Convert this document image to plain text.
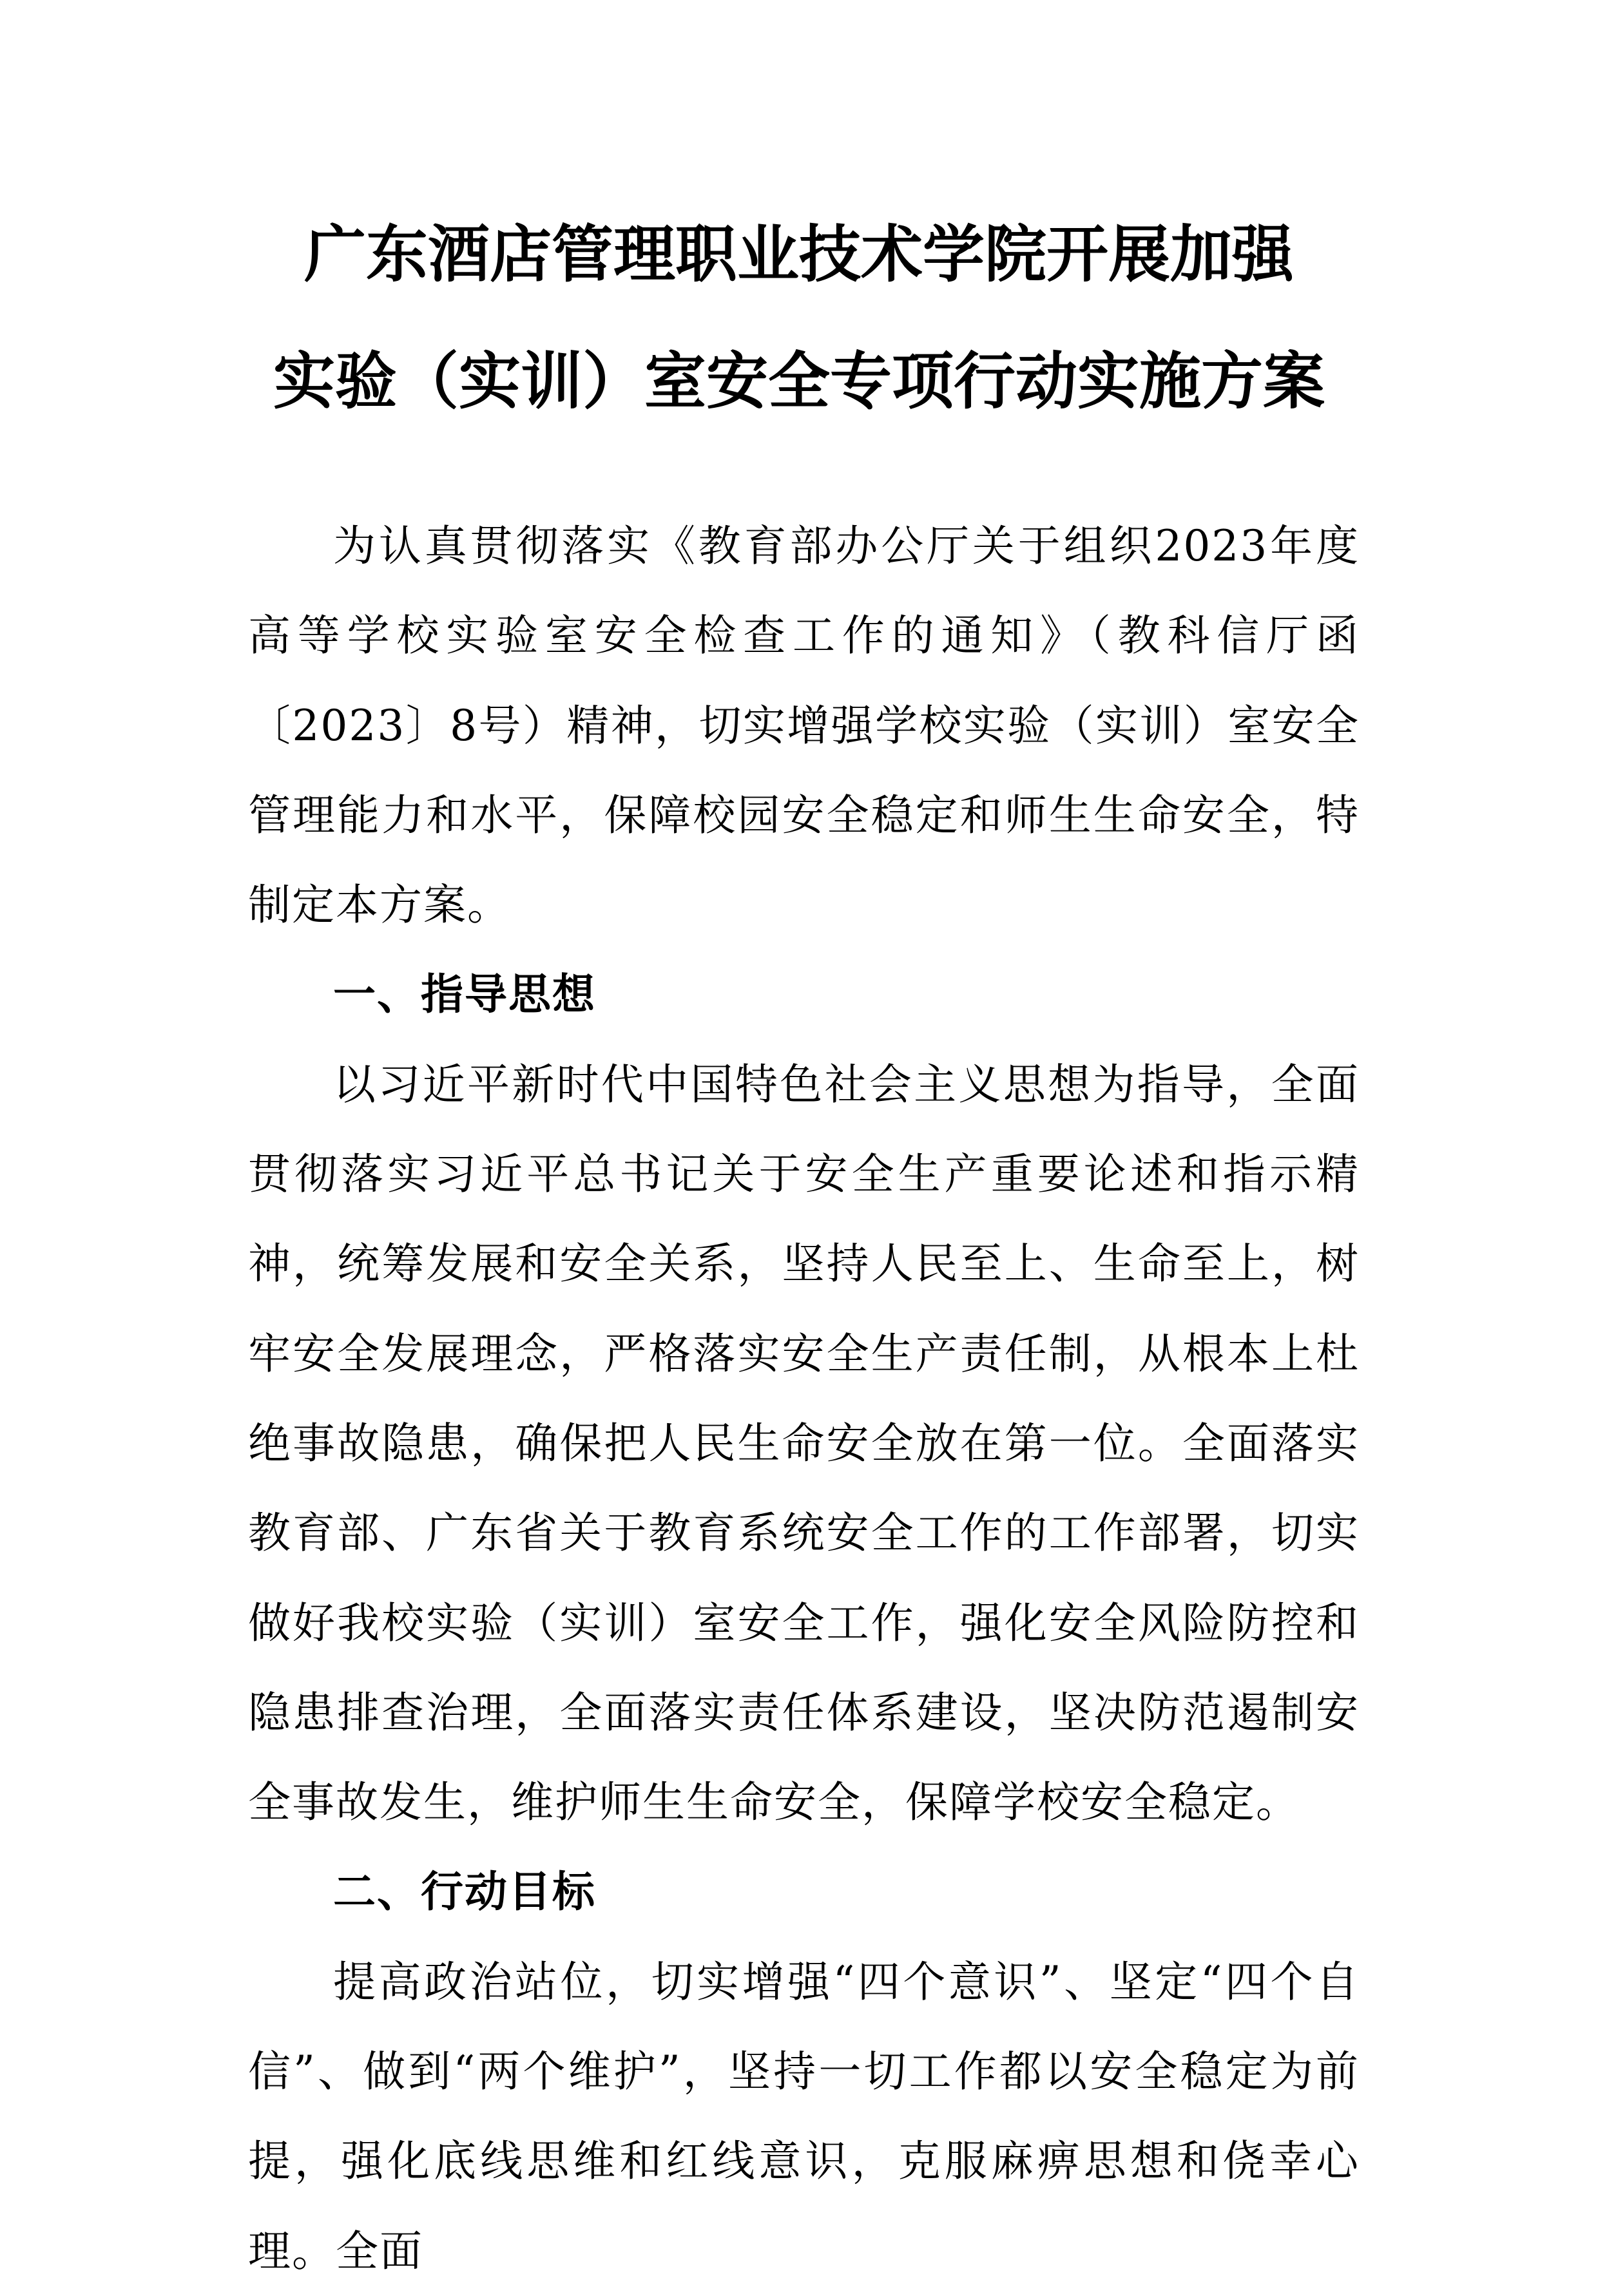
广东酒店管理职业技术学院开展加强
实验（实训）室安全专项行动实施方案

为认真贯彻落实《教育部办公厅关于组织2023年度高等学校实验室安全检查工作的通知》（教科信厅函〔2023〕8号）精神，切实增强学校实验（实训）室安全管理能力和水平，保障校园安全稳定和师生生命安全，特制定本方案。

一、指导思想

以习近平新时代中国特色社会主义思想为指导，全面贯彻落实习近平总书记关于安全生产重要论述和指示精神，统筹发展和安全关系，坚持人民至上、生命至上，树牢安全发展理念，严格落实安全生产责任制，从根本上杜绝事故隐患，确保把人民生命安全放在第一位。全面落实教育部、广东省关于教育系统安全工作的工作部署，切实做好我校实验（实训）室安全工作，强化安全风险防控和隐患排查治理，全面落实责任体系建设，坚决防范遏制安全事故发生，维护师生生命安全，保障学校安全稳定。

二、行动目标

提高政治站位，切实增强“四个意识”、坚定“四个自信”、做到“两个维护”，坚持一切工作都以安全稳定为前提，强化底线思维和红线意识，克服麻痹思想和侥幸心理。全面
